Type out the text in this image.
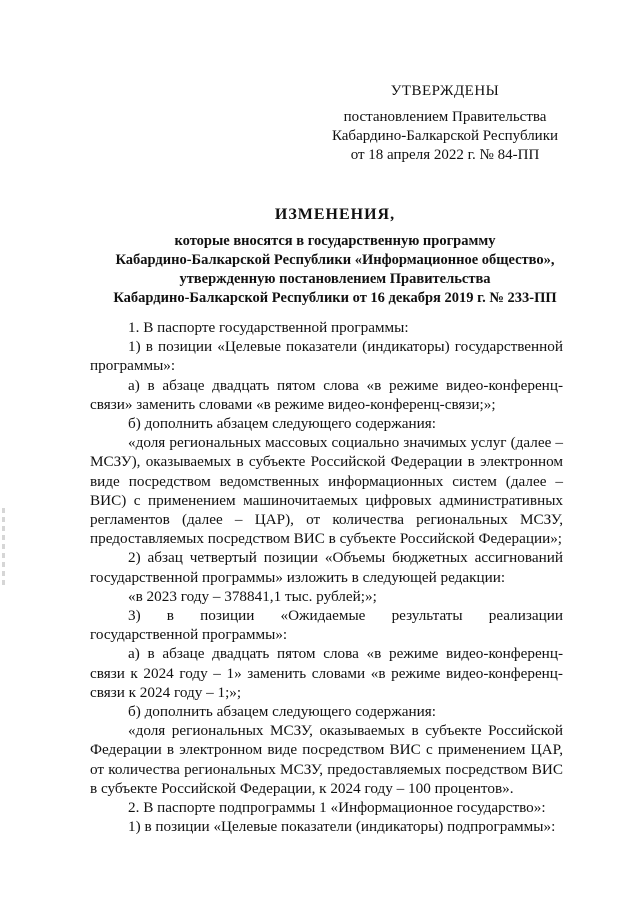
УТВЕРЖДЕНЫ
постановлением Правительства
Кабардино-Балкарской Республики
от 18 апреля 2022 г. № 84-ПП
ИЗМЕНЕНИЯ,
которые вносятся в государственную программу
Кабардино-Балкарской Республики «Информационное общество»,
утвержденную постановлением Правительства
Кабардино-Балкарской Республики от 16 декабря 2019 г. № 233-ПП

1. В паспорте государственной программы:

1) в позиции «Целевые показатели (индикаторы) государственной программы»:

а) в абзаце двадцать пятом слова «в режиме видео-конференц-связи» заменить словами «в режиме видео-конференц-связи;»;

б) дополнить абзацем следующего содержания:

«доля региональных массовых социально значимых услуг (далее – МСЗУ), оказываемых в субъекте Российской Федерации в электронном виде посредством ведомственных информационных систем (далее – ВИС) с применением машиночитаемых цифровых административных регламентов (далее – ЦАР), от количества региональных МСЗУ, предоставляемых посредством ВИС в субъекте Российской Федерации»;

2) абзац четвертый позиции «Объемы бюджетных ассигнований государственной программы» изложить в следующей редакции:

«в 2023 году – 378841,1 тыс. рублей;»;

3) в позиции «Ожидаемые результаты реализации государственной программы»:

а) в абзаце двадцать пятом слова «в режиме видео-конференц-связи к 2024 году – 1» заменить словами «в режиме видео-конференц-связи к 2024 году – 1;»;

б) дополнить абзацем следующего содержания:

«доля региональных МСЗУ, оказываемых в субъекте Российской Федерации в электронном виде посредством ВИС с применением ЦАР, от количества региональных МСЗУ, предоставляемых посредством ВИС в субъекте Российской Федерации, к 2024 году – 100 процентов».

2. В паспорте подпрограммы 1 «Информационное государство»:

1) в позиции «Целевые показатели (индикаторы) подпрограммы»:
